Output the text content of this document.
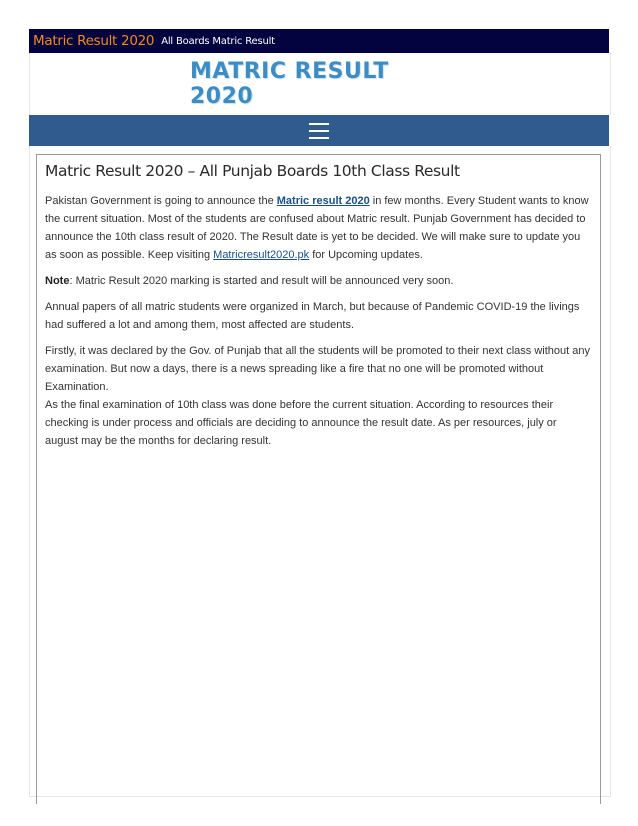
Matric Result 2020 All Boards Matric Result
MATRIC RESULT 2020
Matric Result 2020 – All Punjab Boards 10th Class Result

Pakistan Government is going to announce the Matric result 2020 in few months. Every Student wants to know the current situation. Most of the students are confused about Matric result. Punjab Government has decided to announce the 10th class result of 2020. The Result date is yet to be decided. We will make sure to update you as soon as possible. Keep visiting Matricresult2020.pk for Upcoming updates.

Note: Matric Result 2020 marking is started and result will be announced very soon.

Annual papers of all matric students were organized in March, but because of Pandemic COVID-19 the livings had suffered a lot and among them, most affected are students.

Firstly, it was declared by the Gov. of Punjab that all the students will be promoted to their next class without any examination. But now a days, there is a news spreading like a fire that no one will be promoted without Examination.

As the final examination of 10th class was done before the current situation. According to resources their checking is under process and officials are deciding to announce the result date. As per resources, july or august may be the months for declaring result.
